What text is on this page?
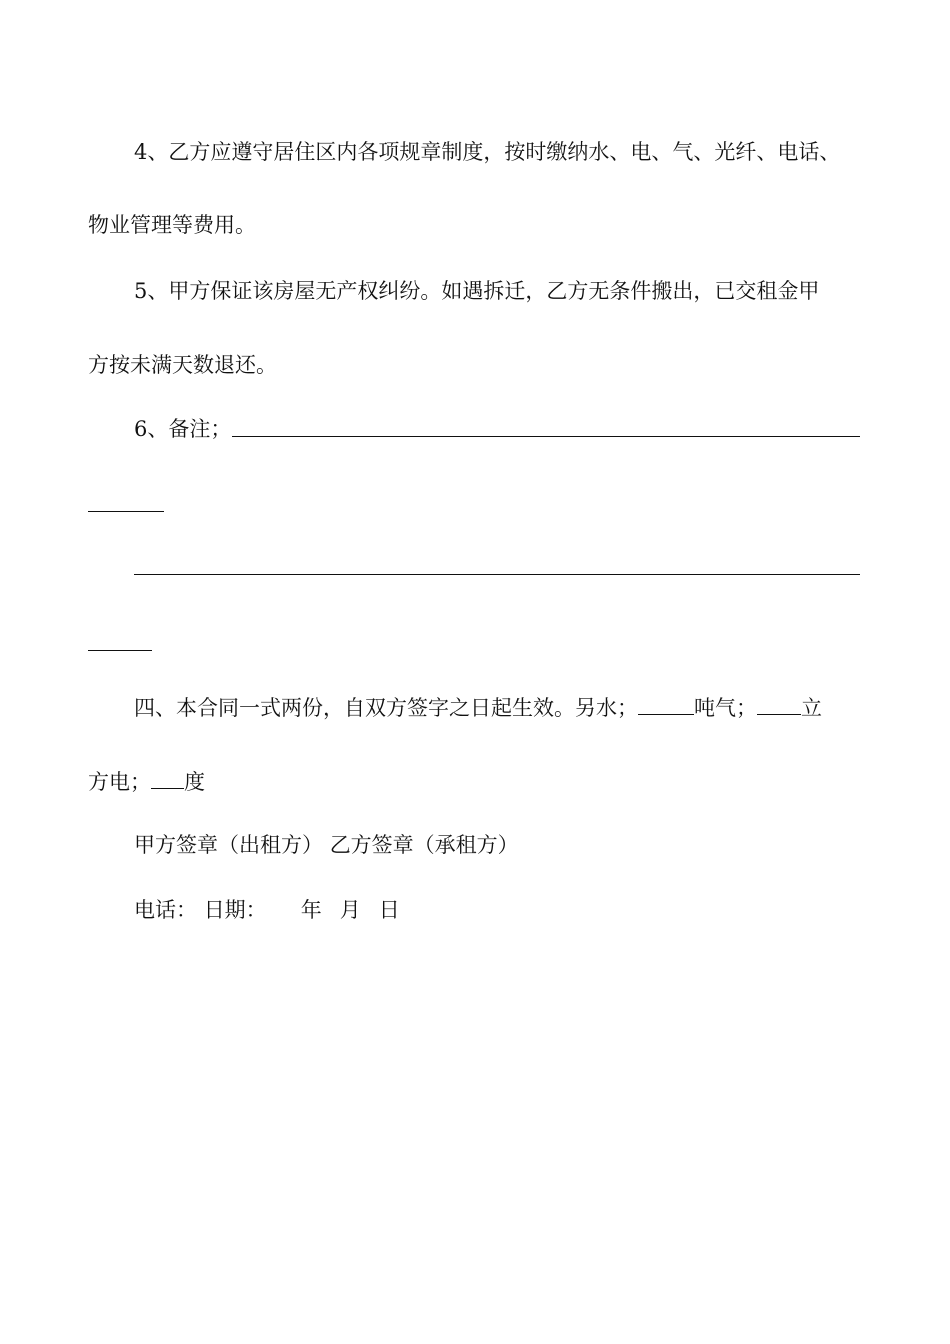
4、乙方应遵守居住区内各项规章制度，按时缴纳水、电、气、光纤、电话、
物业管理等费用。
5、甲方保证该房屋无产权纠纷。如遇拆迁，乙方无条件搬出，已交租金甲
方按未满天数退还。
6、备注；
四、本合同一式两份，自双方签字之日起生效。另水；	吨气； 立
方电； 度
甲方签章（出租方） 乙方签章（承租方）
电话： 日期： 年 月 日
